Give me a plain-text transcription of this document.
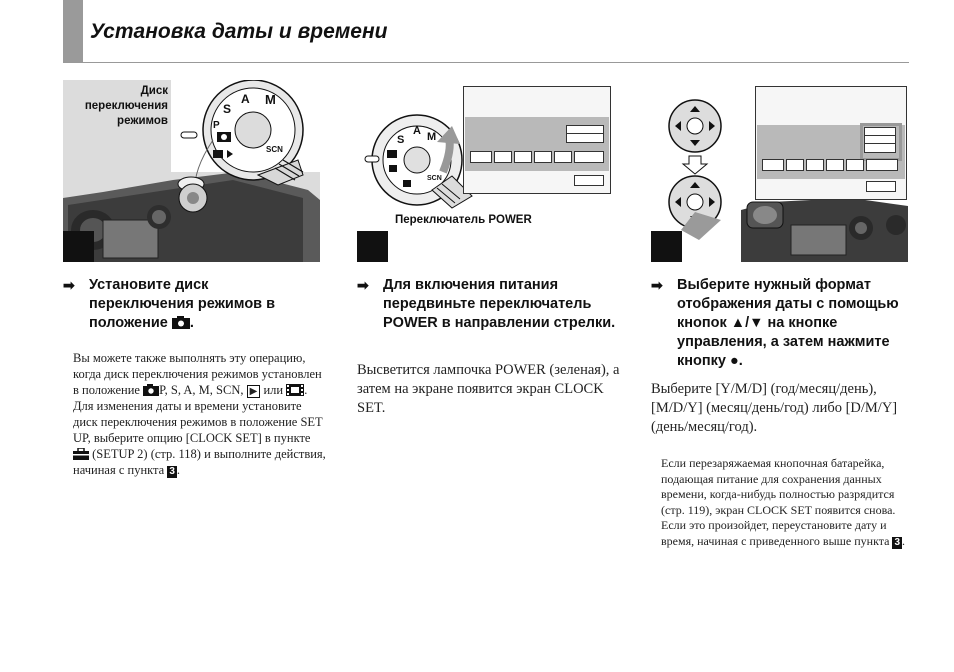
Установка даты и времени
S
A M
P
SCN
Диск переключения режимов
➡ Установите диск переключения режимов в положение .

Вы можете также выполнять эту операцию, когда диск переключения режимов установлен в положение P, S, A, M, SCN, ▶ или . Для изменения даты и времени установите диск переключения режимов в положение SET UP, выберите опцию [CLOCK SET] в пункте  (SETUP 2) (стр. 118) и выполните действия, начиная с пункта 3 .

S
A M
SCN
Переключатель POWER
➡ Для включения питания передвиньте переключатель POWER в направлении стрелки.

Высветится лампочка POWER (зеленая), а затем на экране появится экран CLOCK SET.

➡ Выберите нужный формат отображения даты с помощью кнопок ▲/▼ на кнопке управления, а затем нажмите кнопку ●.

Выберите [Y/M/D] (год/месяц/день), [M/D/Y] (месяц/день/год) либо [D/M/Y] (день/месяц/год).

Если перезаряжаемая кнопочная батарейка, подающая питание для сохранения данных времени, когда-нибудь полностью разрядится (стр. 119), экран CLOCK SET появится снова. Если это произойдет, переустановите дату и время, начиная с приведенного выше пункта 3 .
